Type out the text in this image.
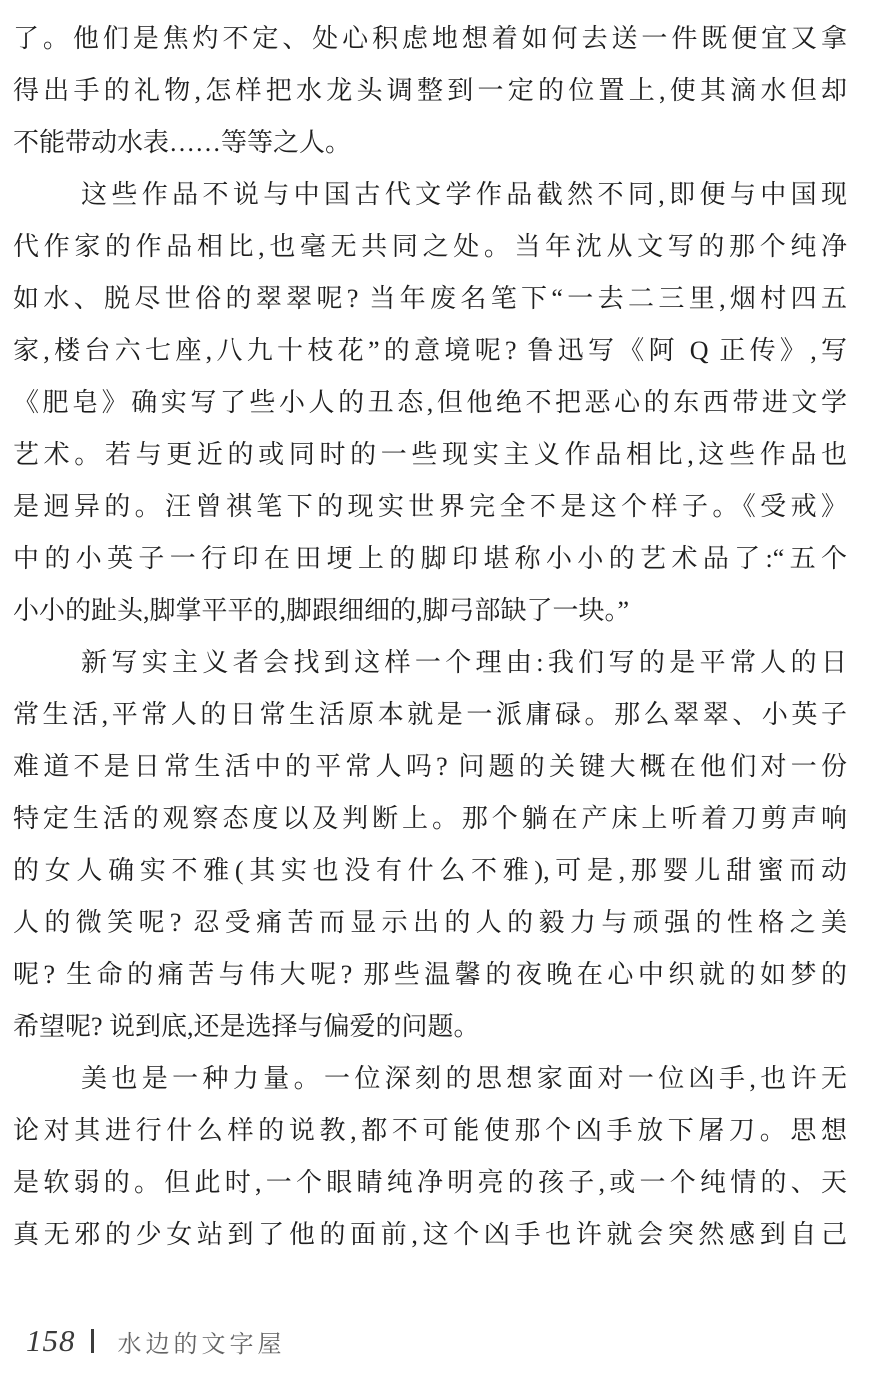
了。他们是焦灼不定、处心积虑地想着如何去送一件既便宜又拿
得出手的礼物,怎样把水龙头调整到一定的位置上,使其滴水但却
不能带动水表……等等之人。
这些作品不说与中国古代文学作品截然不同,即便与中国现
代作家的作品相比,也毫无共同之处。当年沈从文写的那个纯净
如水、脱尽世俗的翠翠呢? 当年废名笔下“一去二三里,烟村四五
家,楼台六七座,八九十枝花”的意境呢? 鲁迅写《阿 Q 正传》,写
《肥皂》确实写了些小人的丑态,但他绝不把恶心的东西带进文学
艺术。若与更近的或同时的一些现实主义作品相比,这些作品也
是迥异的。汪曾祺笔下的现实世界完全不是这个样子。《受戒》
中的小英子一行印在田埂上的脚印堪称小小的艺术品了:“五个
小小的趾头,脚掌平平的,脚跟细细的,脚弓部缺了一块。”
新写实主义者会找到这样一个理由:我们写的是平常人的日
常生活,平常人的日常生活原本就是一派庸碌。那么翠翠、小英子
难道不是日常生活中的平常人吗? 问题的关键大概在他们对一份
特定生活的观察态度以及判断上。那个躺在产床上听着刀剪声响
的女人确实不雅(其实也没有什么不雅),可是,那婴儿甜蜜而动
人的微笑呢? 忍受痛苦而显示出的人的毅力与顽强的性格之美
呢? 生命的痛苦与伟大呢? 那些温馨的夜晚在心中织就的如梦的
希望呢? 说到底,还是选择与偏爱的问题。
美也是一种力量。一位深刻的思想家面对一位凶手,也许无
论对其进行什么样的说教,都不可能使那个凶手放下屠刀。思想
是软弱的。但此时,一个眼睛纯净明亮的孩子,或一个纯情的、天
真无邪的少女站到了他的面前,这个凶手也许就会突然感到自己
158 水边的文字屋
